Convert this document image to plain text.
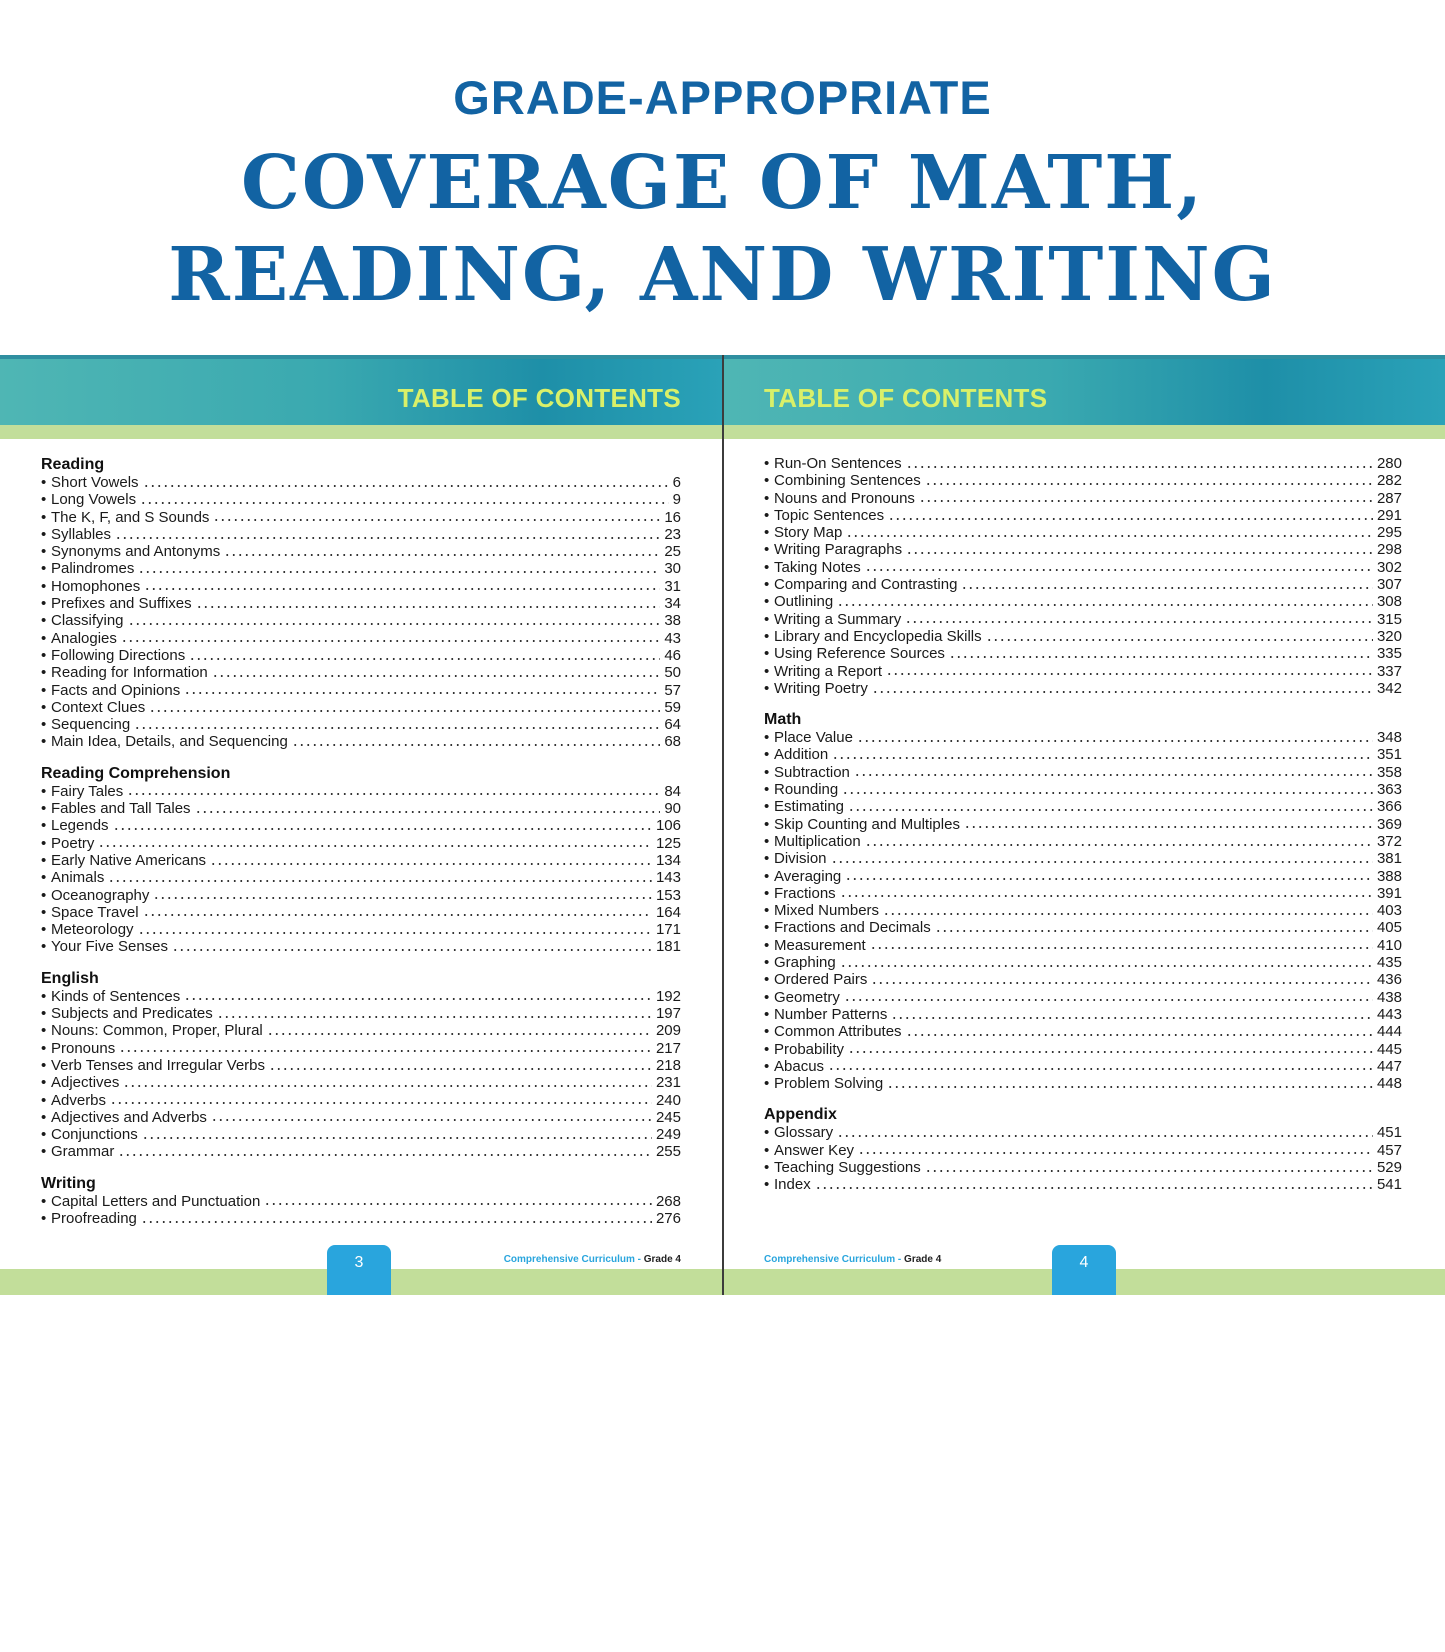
GRADE-APPROPRIATE
COVERAGE OF MATH,
READING, AND WRITING
TABLE OF CONTENTS
Reading
• Short Vowels	6
• Long Vowels	9
• The K, F, and S Sounds	16
• Syllables	23
• Synonyms and Antonyms	25
• Palindromes	30
• Homophones	31
• Prefixes and Suffixes	34
• Classifying	38
• Analogies	43
• Following Directions	46
• Reading for Information	50
• Facts and Opinions	57
• Context Clues	59
• Sequencing	64
• Main Idea, Details, and Sequencing	68
Reading Comprehension
• Fairy Tales	84
• Fables and Tall Tales	90
• Legends	106
• Poetry	125
• Early Native Americans	134
• Animals	143
• Oceanography	153
• Space Travel	164
• Meteorology	171
• Your Five Senses	181
English
• Kinds of Sentences	192
• Subjects and Predicates	197
• Nouns: Common, Proper, Plural	209
• Pronouns	217
• Verb Tenses and Irregular Verbs	218
• Adjectives	231
• Adverbs	240
• Adjectives and Adverbs	245
• Conjunctions	249
• Grammar	255
Writing
• Capital Letters and Punctuation	268
• Proofreading	276
Comprehensive Curriculum - Grade 4
3
TABLE OF CONTENTS
• Run-On Sentences	280
• Combining Sentences	282
• Nouns and Pronouns	287
• Topic Sentences	291
• Story Map	295
• Writing Paragraphs	298
• Taking Notes	302
• Comparing and Contrasting	307
• Outlining	308
• Writing a Summary	315
• Library and Encyclopedia Skills	320
• Using Reference Sources	335
• Writing a Report	337
• Writing Poetry	342
Math
• Place Value	348
• Addition	351
• Subtraction	358
• Rounding	363
• Estimating	366
• Skip Counting and Multiples	369
• Multiplication	372
• Division	381
• Averaging	388
• Fractions	391
• Mixed Numbers	403
• Fractions and Decimals	405
• Measurement	410
• Graphing	435
• Ordered Pairs	436
• Geometry	438
• Number Patterns	443
• Common Attributes	444
• Probability	445
• Abacus	447
• Problem Solving	448
Appendix
• Glossary	451
• Answer Key	457
• Teaching Suggestions	529
• Index	541
Comprehensive Curriculum - Grade 4	4
